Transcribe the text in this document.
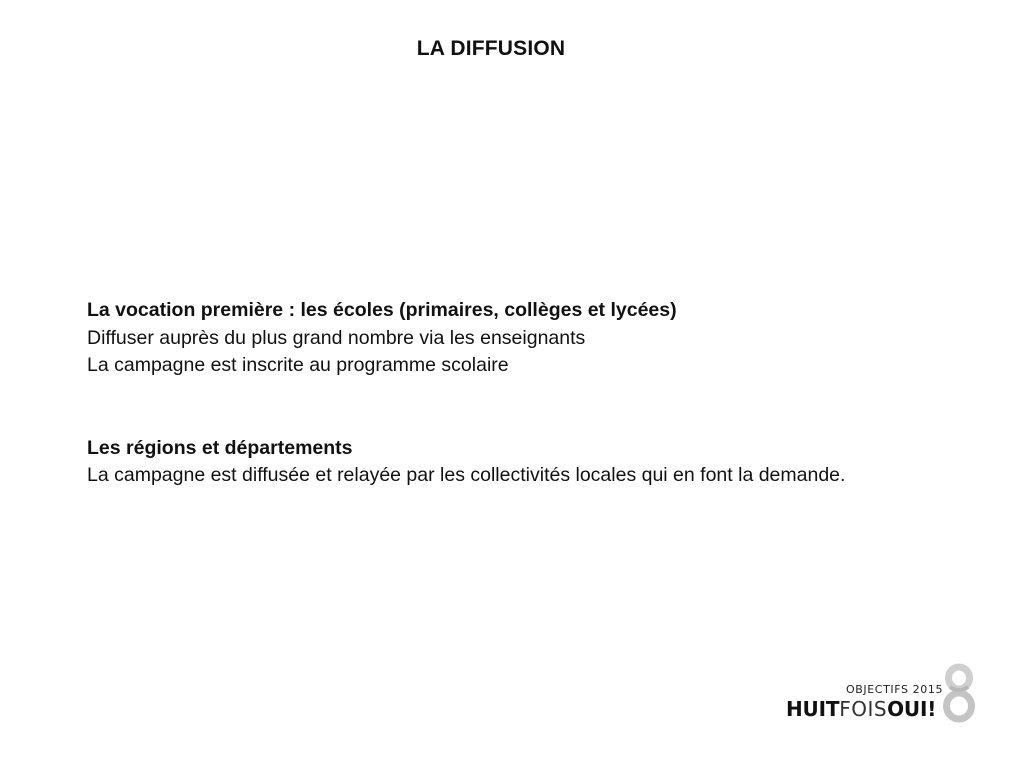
LA DIFFUSION

La vocation première : les écoles (primaires, collèges et lycées)
Diffuser auprès du plus grand nombre via les enseignants
La campagne est inscrite au programme scolaire

Les régions et départements
La campagne est diffusée et relayée par les collectivités locales qui en font la demande.

OBJECTIFS 2015
HUITFOISOUI!
